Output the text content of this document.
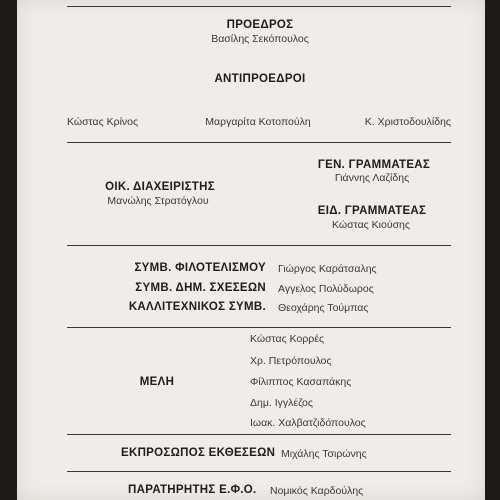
ΠΡΟΕΔΡΟΣ
Βασίλης Σεκόπουλος
ΑΝΤΙΠΡΟΕΔΡΟΙ
Κώστας Κρίνος	Μαργαρίτα Κοτοπούλη	Κ. Χριστοδουλίδης
ΓΕΝ. ΓΡΑΜΜΑΤΕΑΣ
Γιάννης Λαζίδης
ΟΙΚ. ΔΙΑΧΕΙΡΙΣΤΗΣ
Μανώλης Στρατόγλου
ΕΙΔ. ΓΡΑΜΜΑΤΕΑΣ
Κώστας Κιούσης
ΣΥΜΒ. ΦΙΛΟΤΕΛΙΣΜΟΥ Γιώργος Καράτσαλης
ΣΥΜΒ. ΔΗΜ. ΣΧΕΣΕΩΝ Αγγελος Πολύδωρος
ΚΑΛΛΙΤΕΧΝΙΚΟΣ ΣΥΜΒ. Θεοχάρης Τούμπας
ΜΕΛΗ
Κώστας Κορρές
Χρ. Πετρόπουλος
Φίλιππος Κασαπάκης
Δημ. Ιγγλέζος
Ιωακ. Χαλβατζιδόπουλος
ΕΚΠΡΟΣΩΠΟΣ ΕΚΘΕΣΕΩΝ Μιχάλης Τσιρώνης
ΠΑΡΑΤΗΡΗΤΗΣ Ε.Φ.Ο. Νομικός Καρδούλης
